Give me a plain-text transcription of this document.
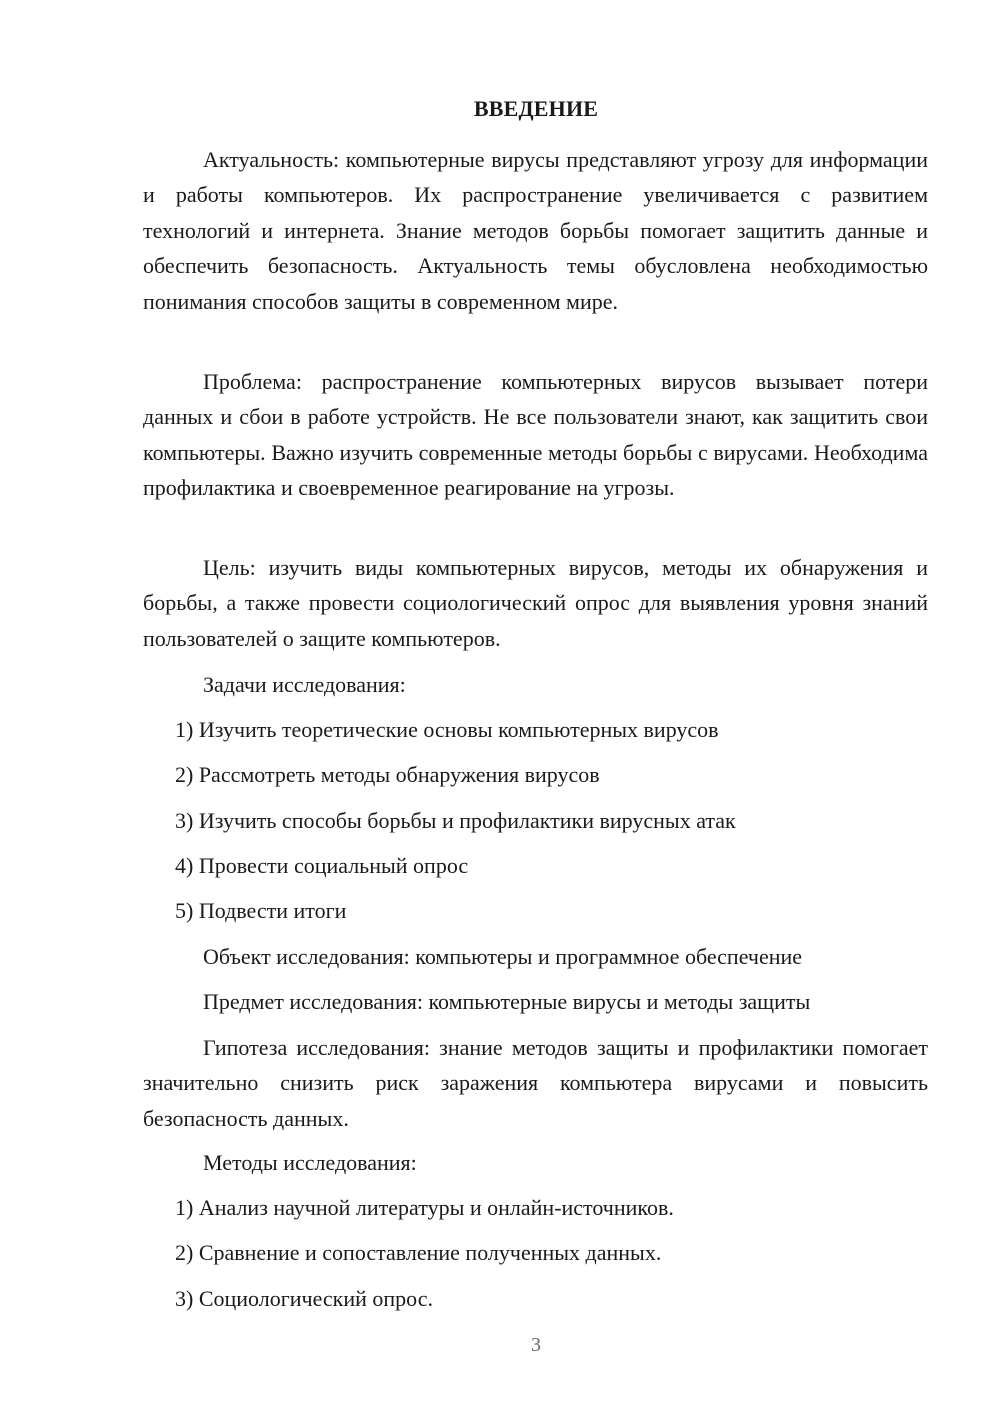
ВВЕДЕНИЕ

Актуальность: компьютерные вирусы представляют угрозу для информации и работы компьютеров. Их распространение увеличивается с развитием технологий и интернета. Знание методов борьбы помогает защитить данные и обеспечить безопасность. Актуальность темы обусловлена необходимостью понимания способов защиты в современном мире.

Проблема: распространение компьютерных вирусов вызывает потери данных и сбои в работе устройств. Не все пользователи знают, как защитить свои компьютеры. Важно изучить современные методы борьбы с вирусами. Необходима профилактика и своевременное реагирование на угрозы.

Цель: изучить виды компьютерных вирусов, методы их обнаружения и борьбы, а также провести социологический опрос для выявления уровня знаний пользователей о защите компьютеров.

Задачи исследования:

1) Изучить теоретические основы компьютерных вирусов

2) Рассмотреть методы обнаружения вирусов

3) Изучить способы борьбы и профилактики вирусных атак

4) Провести социальный опрос

5) Подвести итоги

Объект исследования: компьютеры и программное обеспечение

Предмет исследования: компьютерные вирусы и методы защиты

Гипотеза исследования: знание методов защиты и профилактики помогает значительно снизить риск заражения компьютера вирусами и повысить безопасность данных.

Методы исследования:

1) Анализ научной литературы и онлайн-источников.

2) Сравнение и сопоставление полученных данных.

3) Социологический опрос.

3
